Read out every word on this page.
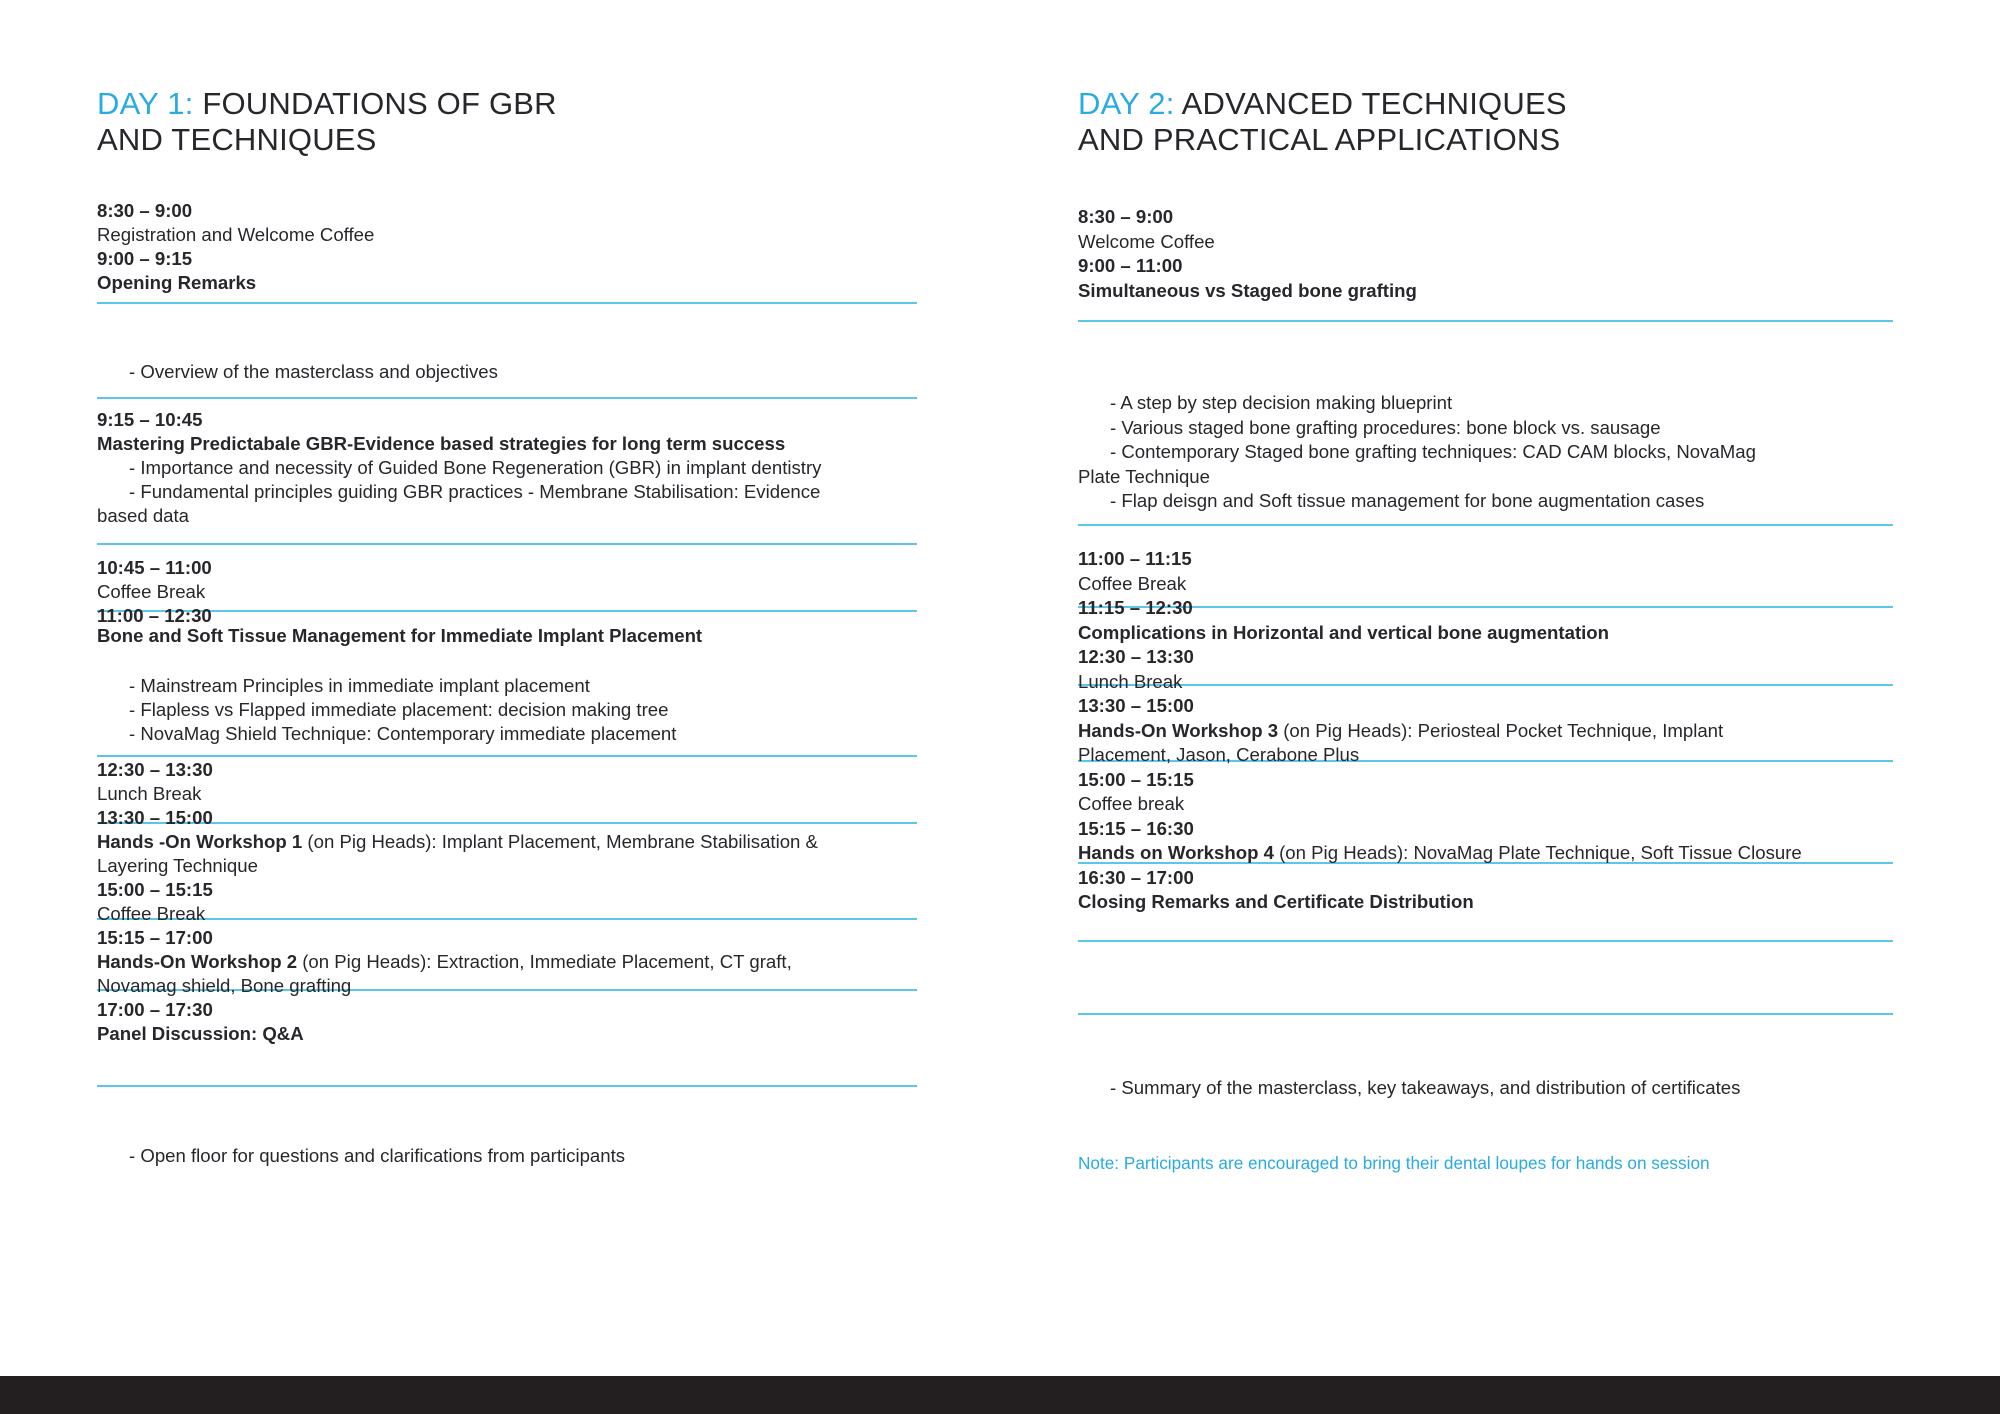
DAY 1: FOUNDATIONS OF GBR
AND TECHNIQUES
8:30 – 9:00
Registration and Welcome Coffee
9:00 – 9:15
Opening Remarks
- Overview of the masterclass and objectives
9:15 – 10:45
Mastering Predictabale GBR-Evidence based strategies for long term success
- Importance and necessity of Guided Bone Regeneration (GBR) in implant dentistry
- Fundamental principles guiding GBR practices - Membrane Stabilisation: Evidence
based data
10:45 – 11:00
Coffee Break
11:00 – 12:30
Bone and Soft Tissue Management for Immediate Implant Placement
- Mainstream Principles in immediate implant placement
- Flapless vs Flapped immediate placement: decision making tree
- NovaMag Shield Technique: Contemporary immediate placement
12:30 – 13:30
Lunch Break
13:30 – 15:00
Hands -On Workshop 1 (on Pig Heads): Implant Placement, Membrane Stabilisation &
Layering Technique
15:00 – 15:15
Coffee Break
15:15 – 17:00
Hands-On Workshop 2 (on Pig Heads): Extraction, Immediate Placement, CT graft,
Novamag shield, Bone grafting
17:00 – 17:30
Panel Discussion: Q&A
- Open floor for questions and clarifications from participants
DAY 2: ADVANCED TECHNIQUES
AND PRACTICAL APPLICATIONS
Note: Participants are encouraged to bring their dental loupes for hands on session
8:30 – 9:00
Welcome Coffee
9:00 – 11:00
Simultaneous vs Staged bone grafting
- A step by step decision making blueprint
- Various staged bone grafting procedures: bone block vs. sausage
- Contemporary Staged bone grafting techniques: CAD CAM blocks, NovaMag
Plate Technique
- Flap deisgn and Soft tissue management for bone augmentation cases
11:00 – 11:15
Coffee Break
11:15 – 12:30
Complications in Horizontal and vertical bone augmentation
12:30 – 13:30
Lunch Break
13:30 – 15:00
Hands-On Workshop 3 (on Pig Heads): Periosteal Pocket Technique, Implant
Placement, Jason, Cerabone Plus
15:00 – 15:15
Coffee break
15:15 – 16:30
Hands on Workshop 4 (on Pig Heads): NovaMag Plate Technique, Soft Tissue Closure
16:30 – 17:00
Closing Remarks and Certificate Distribution
- Summary of the masterclass, key takeaways, and distribution of certificates
